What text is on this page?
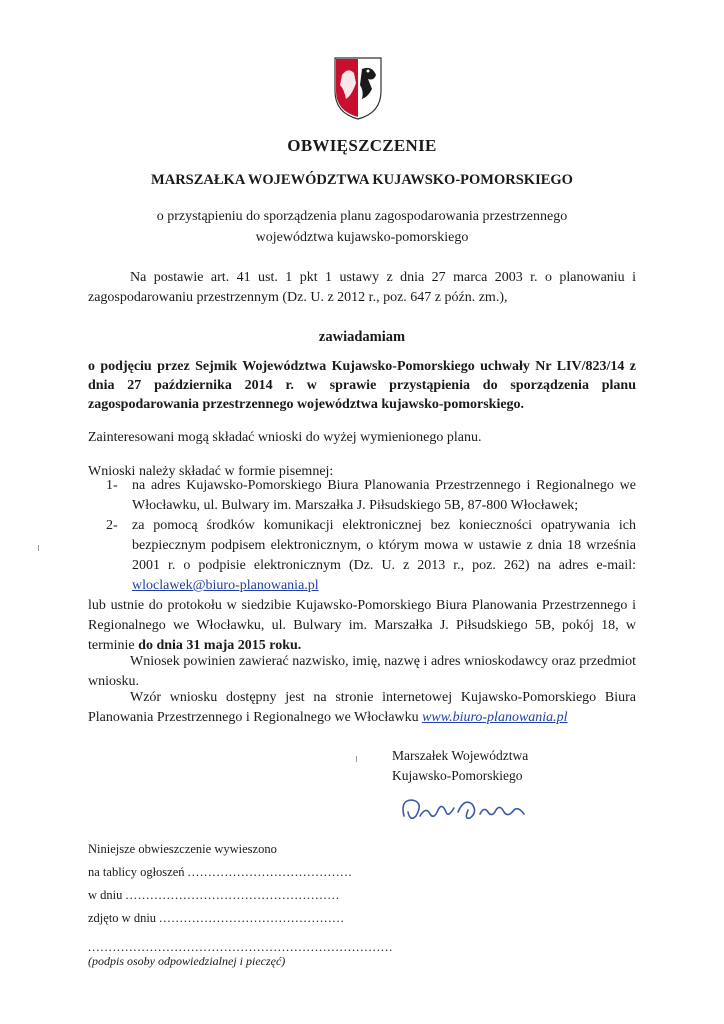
OBWIĘSZCZENIE
MARSZAŁKA WOJEWÓDZTWA KUJAWSKO-POMORSKIEGO
o przystąpieniu do sporządzenia planu zagospodarowania przestrzennego
województwa kujawsko-pomorskiego
Na postawie art. 41 ust. 1 pkt 1 ustawy z dnia 27 marca 2003 r. o planowaniu i zagospodarowaniu przestrzennym (Dz. U. z 2012 r., poz. 647 z późn. zm.),
zawiadamiam
o podjęciu przez Sejmik Województwa Kujawsko-Pomorskiego uchwały Nr LIV/823/14 z dnia 27 października 2014 r. w sprawie przystąpienia do sporządzenia planu zagospodarowania przestrzennego województwa kujawsko-pomorskiego.
Zainteresowani mogą składać wnioski do wyżej wymienionego planu.
Wnioski należy składać w formie pisemnej:
1- na adres Kujawsko-Pomorskiego Biura Planowania Przestrzennego i Regionalnego we Włocławku, ul. Bulwary im. Marszałka J. Piłsudskiego 5B, 87-800 Włocławek;
2- za pomocą środków komunikacji elektronicznej bez konieczności opatrywania ich bezpiecznym podpisem elektronicznym, o którym mowa w ustawie z dnia 18 września 2001 r. o podpisie elektronicznym (Dz. U. z 2013 r., poz. 262) na adres e-mail: wloclawek@biuro-planowania.pl
lub ustnie do protokołu w siedzibie Kujawsko-Pomorskiego Biura Planowania Przestrzennego i Regionalnego we Włocławku, ul. Bulwary im. Marszałka J. Piłsudskiego 5B, pokój 18, w terminie do dnia 31 maja 2015 roku.
Wniosek powinien zawierać nazwisko, imię, nazwę i adres wnioskodawcy oraz przedmiot wniosku.
Wzór wniosku dostępny jest na stronie internetowej Kujawsko-Pomorskiego Biura Planowania Przestrzennego i Regionalnego we Włocławku www.biuro-planowania.pl
Marszałek Województwa
Kujawsko-Pomorskiego
Niniejsze obwieszczenie wywieszono
na tablicy ogłoszeń ........................................
w dniu ....................................................
zdjęto w dniu .............................................
..........................................................................
(podpis osoby odpowiedzialnej i pieczęć)
